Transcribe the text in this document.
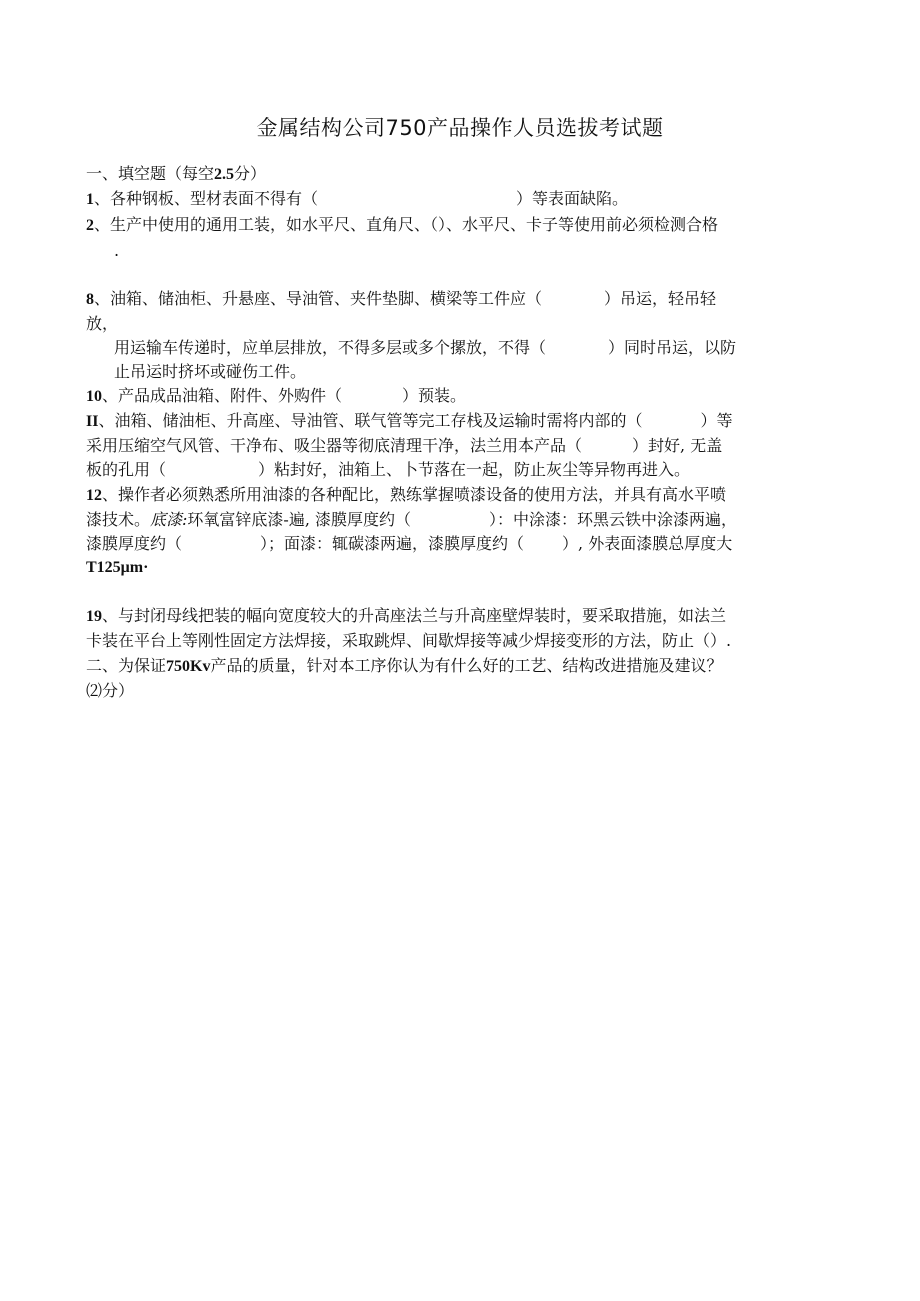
金属结构公司750产品操作人员选拔考试题
一、填空题（每空2.5分）
1、各种钢板、型材表面不得有（	）等表面缺陷。
2、生产中使用的通用工装，如水平尺、直角尺、（）、水平尺、卡子等使用前必须检测合格
.
8、油箱、储油柜、升悬座、导油管、夹件垫脚、横梁等工件应（	）吊运，轻吊轻
放，
用运输车传递时，应单层排放，不得多层或多个摞放，不得（	）同时吊运，以防
止吊运时挤坏或碰伤工件。
10、产品成品油箱、附件、外购件（	）预装。
II、油箱、储油柜、升高座、导油管、联气管等完工存栈及运输时需将内部的（	）等
采用压缩空气风管、干净布、吸尘器等彻底清理干净，法兰用本产品（	）封好, 无盖
板的孔用（	）粘封好，油箱上、卜节落在一起，防止灰尘等异物再进入。
12、操作者必须熟悉所用油漆的各种配比，熟练掌握喷漆设备的使用方法，并具有高水平喷
漆技术。底漆:环氧富锌底漆-遍, 漆膜厚度约（	）：中涂漆：环黑云铁中涂漆两遍，
漆膜厚度约（	）；面漆：辄碳漆两遍，漆膜厚度约（ ）, 外表面漆膜总厚度大
T125μm·
19、与封闭母线把装的幅向宽度较大的升高座法兰与升高座壁焊装时，要采取措施，如法兰
卡装在平台上等刚性固定方法焊接，采取跳焊、间歇焊接等减少焊接变形的方法，防止（）.
二、为保证750Kv产品的质量，针对本工序你认为有什么好的工艺、结构改进措施及建议？
⑵分）
